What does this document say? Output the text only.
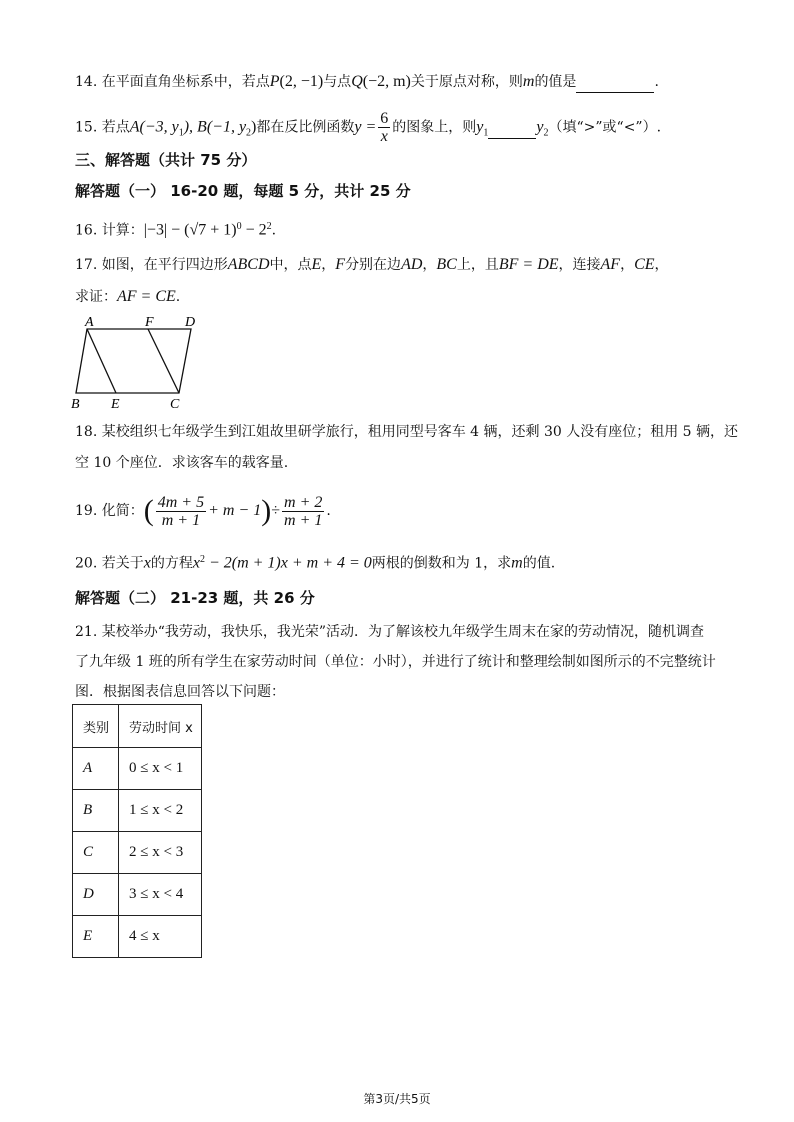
14. 在平面直角坐标系中，若点P(2, −1)与点Q(−2, m)关于原点对称，则m的值是	.
15. 若点A(−3, $y_1$), B(−1, $y_2$)都在反比例函数$y = \frac{6}{x}$ 的图象上，则$y_1$	$y_2$（填“>”或“<”）.
三、解答题（共计 75 分）
解答题（一） 16-20 题，每题 5 分，共计 25 分
16. 计算：$|-3| - (√7 + 1)^0 - 2^2$.
17. 如图，在平行四边形ABCD中，点E，F分别在边AD，BC上，且BF = DE，连接AF，CE，
求证：AF = CE.
A	F D
B E	C
18. 某校组织七年级学生到江姐故里研学旅行，租用同型号客车 4 辆，还剩 30 人没有座位；租用 5 辆，还
空 10 个座位．求该客车的载客量.
19. 化简：( $\frac{4m + 5}{m + 1} + m - 1)\div \frac{m + 2}{m + 1}$ .
20. 若关于x的方程$x^2 - 2(m + 1)x + m + 4 = 0$两根的倒数和为 1，求m的值.
解答题（二） 21-23 题，共 26 分
21. 某校举办“我劳动，我快乐，我光荣”活动．为了解该校九年级学生周末在家的劳动情况，随机调查
了九年级 1 班的所有学生在家劳动时间（单位：小时），并进行了统计和整理绘制如图所示的不完整统计
图．根据图表信息回答以下问题：
类别	劳动时间 x
A	0 ≤ x < 1
B	1 ≤ x < 2
C	2 ≤ x < 3
D	3 ≤ x < 4
E	4 ≤ x
第3页/共5页
